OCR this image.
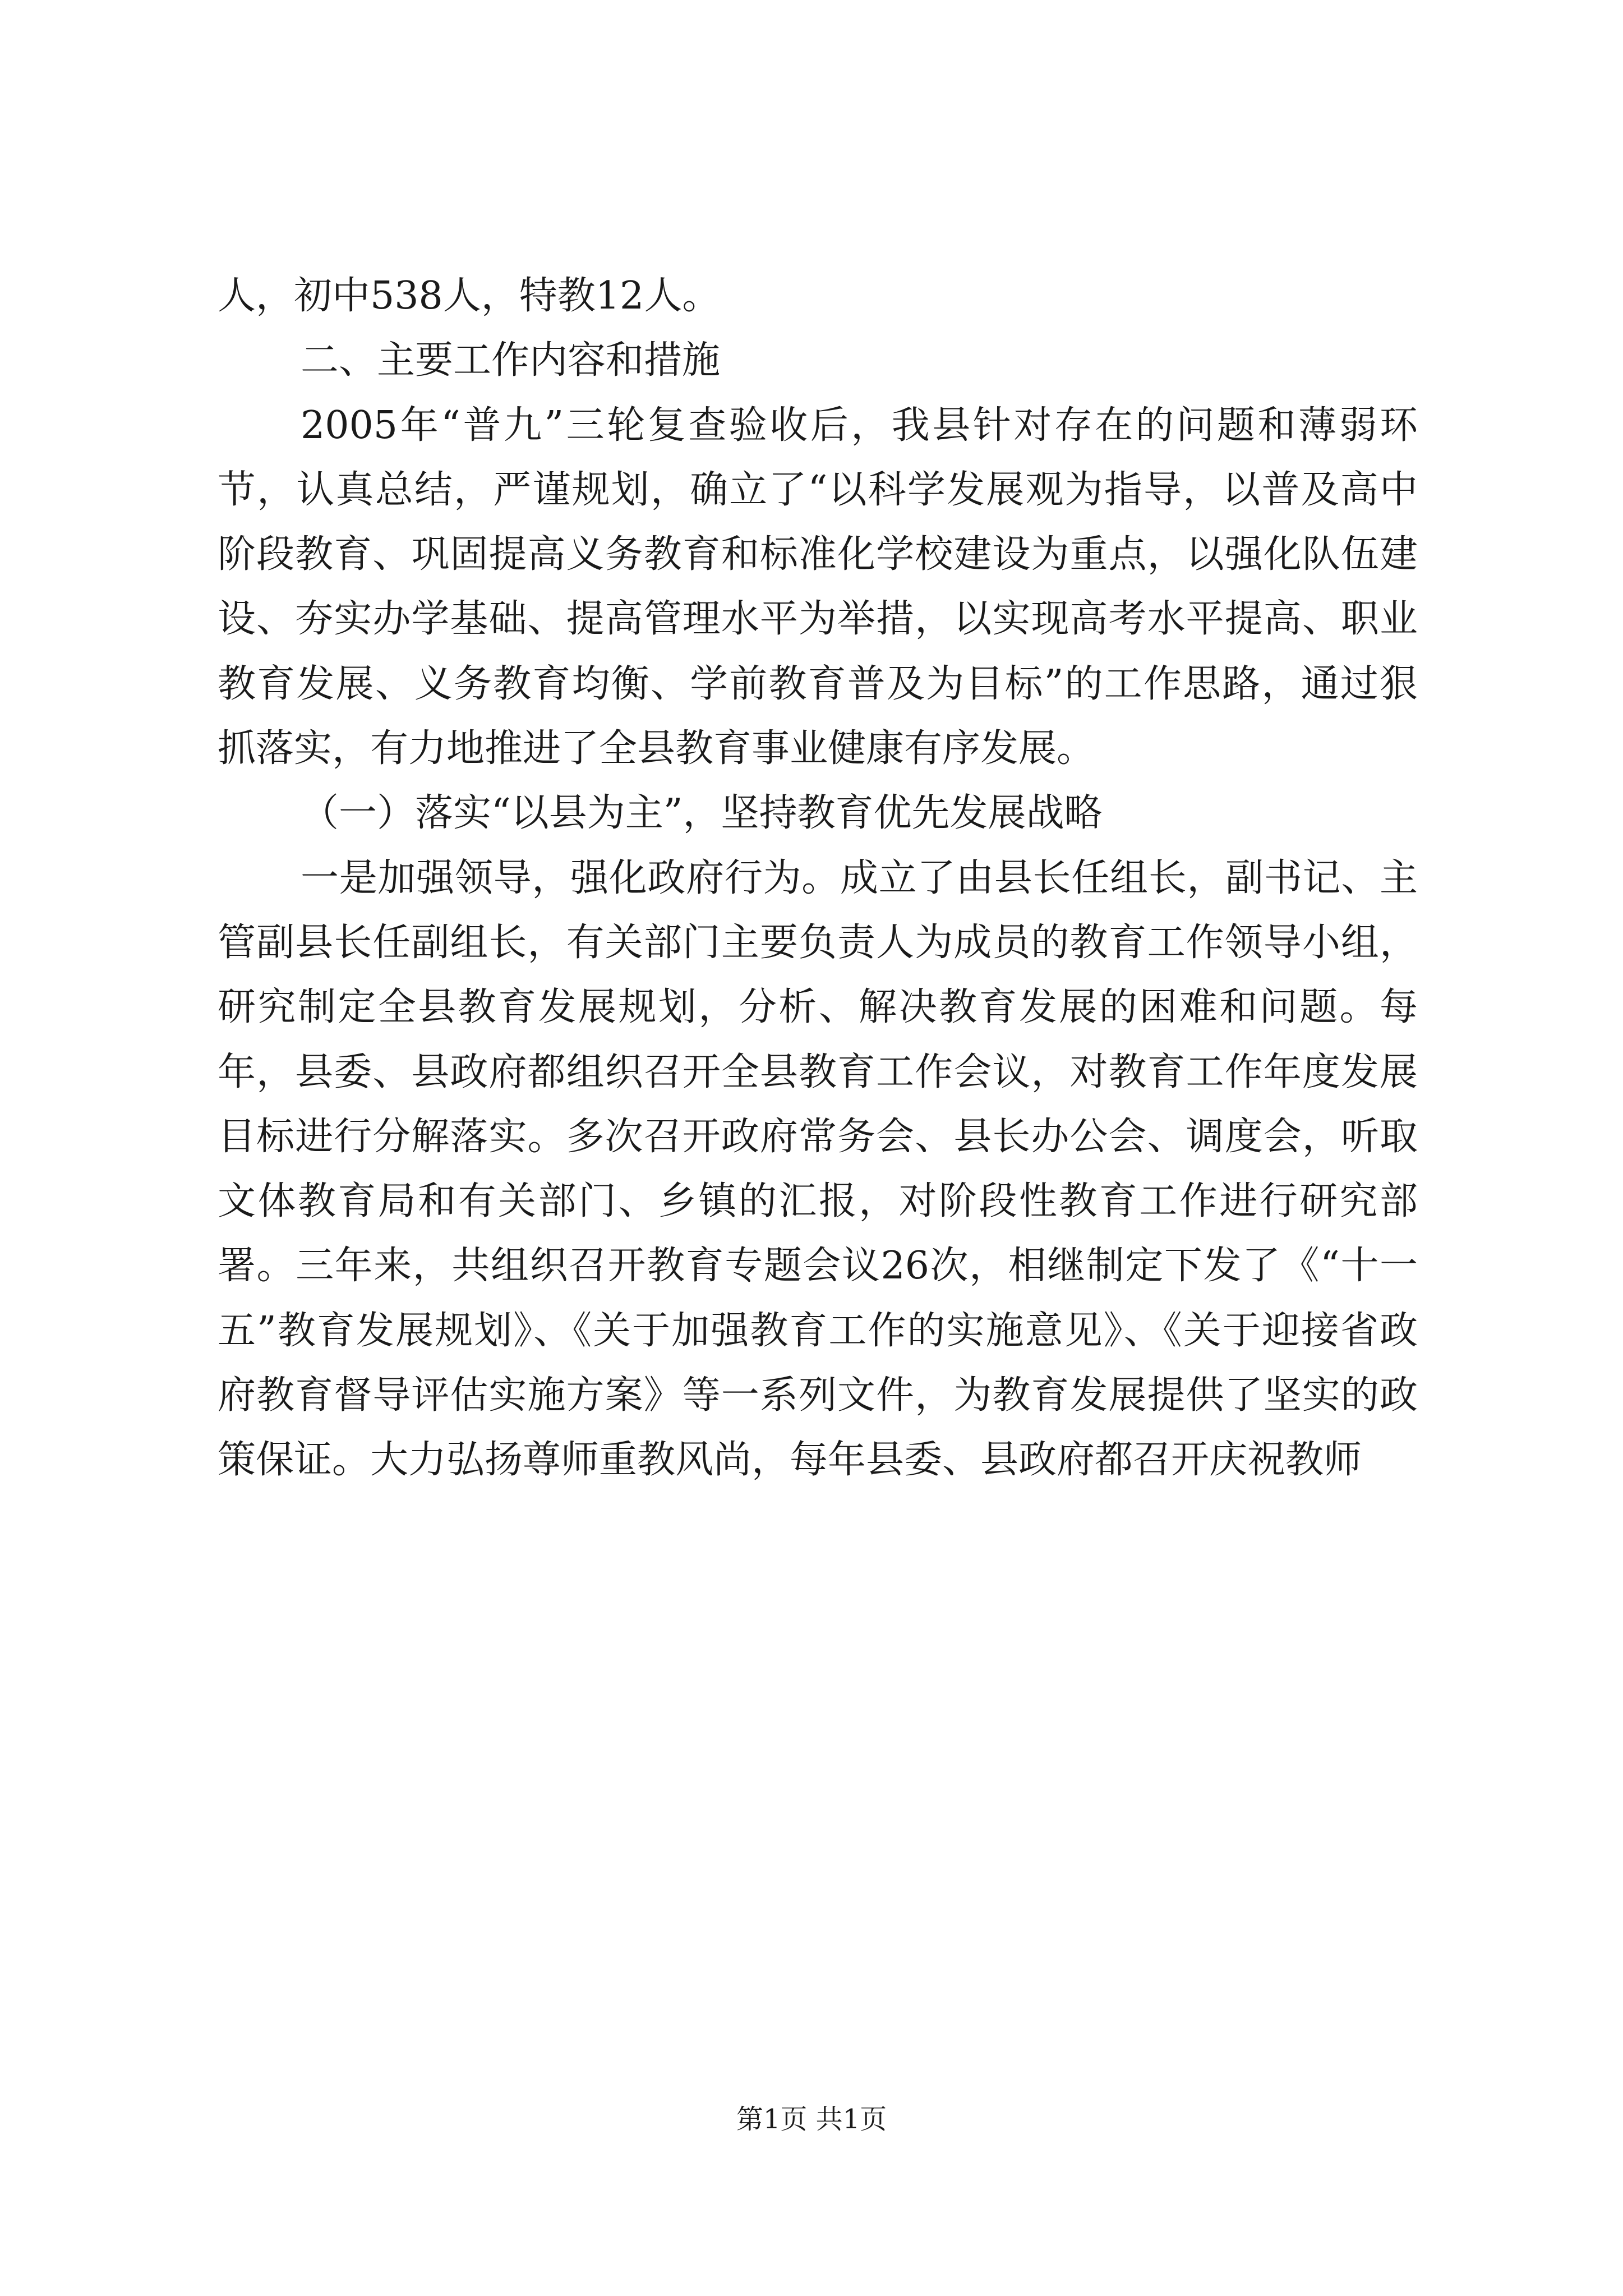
人，初中538人，特教12人。

二、主要工作内容和措施

2005年“普九”三轮复查验收后，我县针对存在的问题和薄弱环节，认真总结，严谨规划，确立了“以科学发展观为指导，以普及高中阶段教育、巩固提高义务教育和标准化学校建设为重点，以强化队伍建设、夯实办学基础、提高管理水平为举措，以实现高考水平提高、职业教育发展、义务教育均衡、学前教育普及为目标”的工作思路，通过狠抓落实，有力地推进了全县教育事业健康有序发展。

（一）落实“以县为主”，坚持教育优先发展战略

一是加强领导，强化政府行为。成立了由县长任组长，副书记、主管副县长任副组长，有关部门主要负责人为成员的教育工作领导小组，研究制定全县教育发展规划，分析、解决教育发展的困难和问题。每年，县委、县政府都组织召开全县教育工作会议，对教育工作年度发展目标进行分解落实。多次召开政府常务会、县长办公会、调度会，听取文体教育局和有关部门、乡镇的汇报，对阶段性教育工作进行研究部署。三年来，共组织召开教育专题会议26次，相继制定下发了《“十一五”教育发展规划》、《关于加强教育工作的实施意见》、《关于迎接省政府教育督导评估实施方案》等一系列文件，为教育发展提供了坚实的政策保证。大力弘扬尊师重教风尚，每年县委、县政府都召开庆祝教师

第1页 共1页
